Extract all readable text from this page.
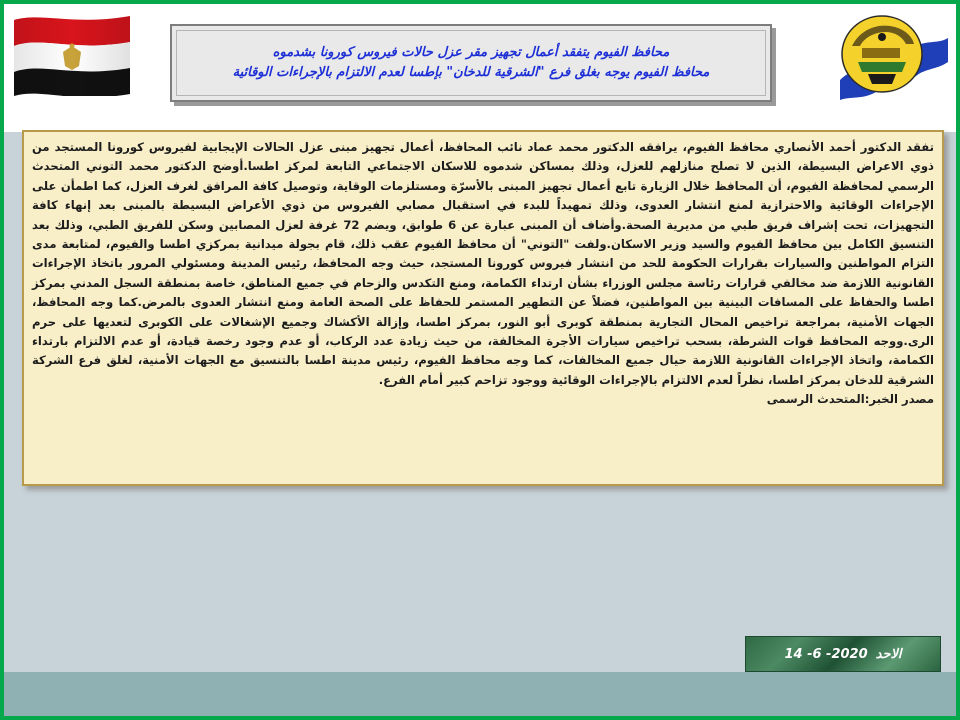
محافظ الفيوم يتفقد أعمال تجهيز مقر عزل حالات فيروس كورونا بشدموه
محافظ الفيوم يوجه بغلق فرع "الشرقية للدخان" بإطسا لعدم الالتزام بالإجراءات الوقائية
تفقد الدكتور أحمد الأنصاري محافظ الفيوم، يرافقه الدكتور محمد عماد نائب المحافظ، أعمال تجهيز مبنى عزل الحالات الإيجابية لفيروس كورونا المستجد من ذوي الاعراض البسيطة، الذين لا تصلح منازلهم للعزل، وذلك بمساكن شدموه للاسكان الاجتماعي التابعة لمركز اطسا.أوضح الدكتور محمد التوني المتحدث الرسمي لمحافظة الفيوم، أن المحافظ خلال الزيارة تابع أعمال تجهيز المبنى بالأسرّة ومستلزمات الوقاية، وتوصيل كافة المرافق لغرف العزل، كما اطمأن على الإجراءات الوقائية والاحترازية لمنع انتشار العدوى، وذلك تمهيداً للبدء في استقبال مصابي الفيروس من ذوي الأعراض البسيطة بالمبنى بعد إنهاء كافة التجهيزات، تحت إشراف فريق طبي من مديرية الصحة.وأضاف أن المبنى عبارة عن 6 طوابق، ويضم 72 غرفة لعزل المصابين وسكن للفريق الطبي، وذلك بعد التنسيق الكامل بين محافظ الفيوم والسيد وزير الاسكان.ولفت "التوني" أن محافظ الفيوم عقب ذلك، قام بجولة ميدانية بمركزي اطسا والفيوم، لمتابعة مدى التزام المواطنين والسيارات بقرارات الحكومة للحد من انتشار فيروس كورونا المستجد، حيث وجه المحافظ، رئيس المدينة ومسئولي المرور باتخاذ الإجراءات القانونية اللازمة ضد مخالفي قرارات رئاسة مجلس الوزراء بشأن ارتداء الكمامة، ومنع التكدس والزحام في جميع المناطق، خاصة بمنطقة السجل المدني بمركز اطسا والحفاظ على المسافات البينية بين المواطنين، فضلاً عن التطهير المستمر للحفاظ على الصحة العامة ومنع انتشار العدوى بالمرض.كما وجه المحافظ، الجهات الأمنية، بمراجعة تراخيص المحال التجارية بمنطقة كوبرى أبو النور، بمركز اطسا، وإزالة الأكشاك وجميع الإشغالات على الكوبرى لتعديها على حرم الرى.ووجه المحافظ قوات الشرطة، بسحب تراخيص سيارات الأجرة المخالفة، من حيث زيادة عدد الركاب، أو عدم وجود رخصة قيادة، أو عدم الالتزام بارتداء الكمامة، واتخاذ الإجراءات القانونية اللازمة حيال جميع المخالفات، كما وجه محافظ الفيوم، رئيس مدينة اطسا بالتنسيق مع الجهات الأمنية، لغلق فرع الشركة الشرقية للدخان بمركز اطسا، نظراً لعدم الالتزام بالإجراءات الوقائية ووجود تزاحم كبير أمام الفرع.
مصدر الخبر:المتحدث الرسمى
الاحد
14 -6 -2020
